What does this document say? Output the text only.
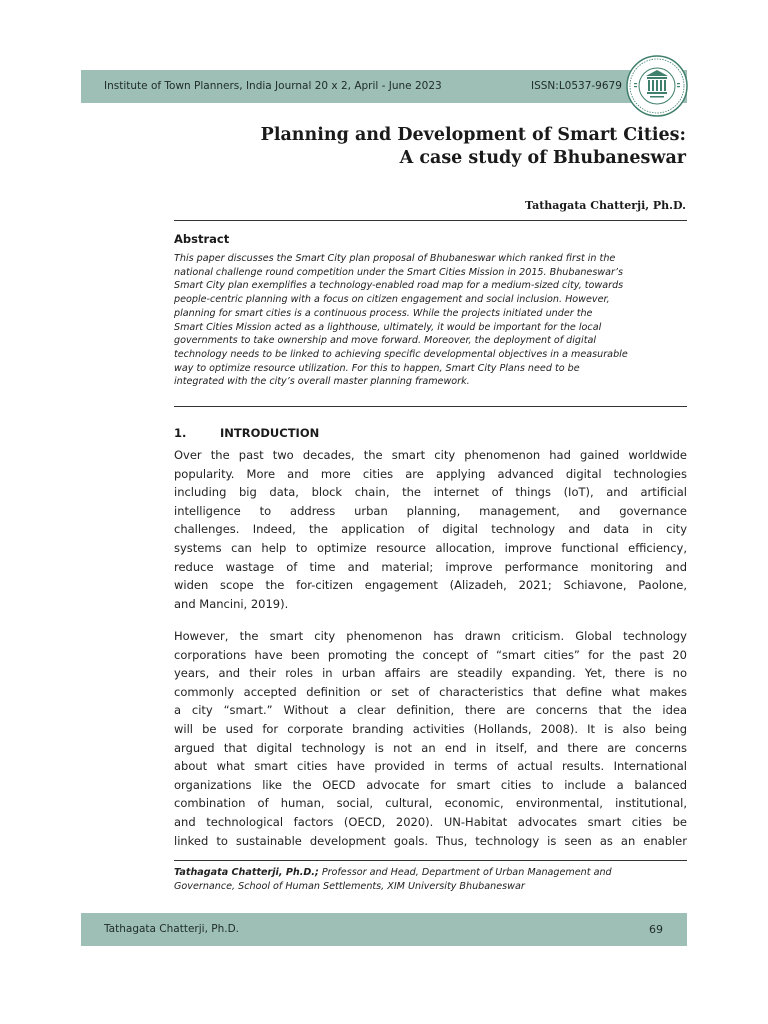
Institute of Town Planners, India Journal 20 x 2, April - June 2023	ISSN:L0537-9679
Planning and Development of Smart Cities:
A case study of Bhubaneswar
Tathagata Chatterji, Ph.D.
Abstract
This paper discusses the Smart City plan proposal of Bhubaneswar which ranked first in the
national challenge round competition under the Smart Cities Mission in 2015. Bhubaneswar’s
Smart City plan exemplifies a technology-enabled road map for a medium-sized city, towards
people-centric planning with a focus on citizen engagement and social inclusion. However,
planning for smart cities is a continuous process. While the projects initiated under the
Smart Cities Mission acted as a lighthouse, ultimately, it would be important for the local
governments to take ownership and move forward. Moreover, the deployment of digital
technology needs to be linked to achieving specific developmental objectives in a measurable
way to optimize resource utilization. For this to happen, Smart City Plans need to be
integrated with the city’s overall master planning framework.
1.	INTRODUCTION
Over the past two decades, the smart city phenomenon had gained worldwide
popularity. More and more cities are applying advanced digital technologies
including big data, block chain, the internet of things (IoT), and artificial
intelligence to address urban planning, management, and governance
challenges. Indeed, the application of digital technology and data in city
systems can help to optimize resource allocation, improve functional efficiency,
reduce wastage of time and material; improve performance monitoring and
widen scope the for-citizen engagement (Alizadeh, 2021; Schiavone, Paolone,
and Mancini, 2019).
However, the smart city phenomenon has drawn criticism. Global technology
corporations have been promoting the concept of “smart cities” for the past 20
years, and their roles in urban affairs are steadily expanding. Yet, there is no
commonly accepted definition or set of characteristics that define what makes
a city “smart.” Without a clear definition, there are concerns that the idea
will be used for corporate branding activities (Hollands, 2008). It is also being
argued that digital technology is not an end in itself, and there are concerns
about what smart cities have provided in terms of actual results. International
organizations like the OECD advocate for smart cities to include a balanced
combination of human, social, cultural, economic, environmental, institutional,
and technological factors (OECD, 2020). UN-Habitat advocates smart cities be
linked to sustainable development goals. Thus, technology is seen as an enabler
Tathagata Chatterji, Ph.D.; Professor and Head, Department of Urban Management and
Governance, School of Human Settlements, XIM University Bhubaneswar
Tathagata Chatterji, Ph.D.	69
